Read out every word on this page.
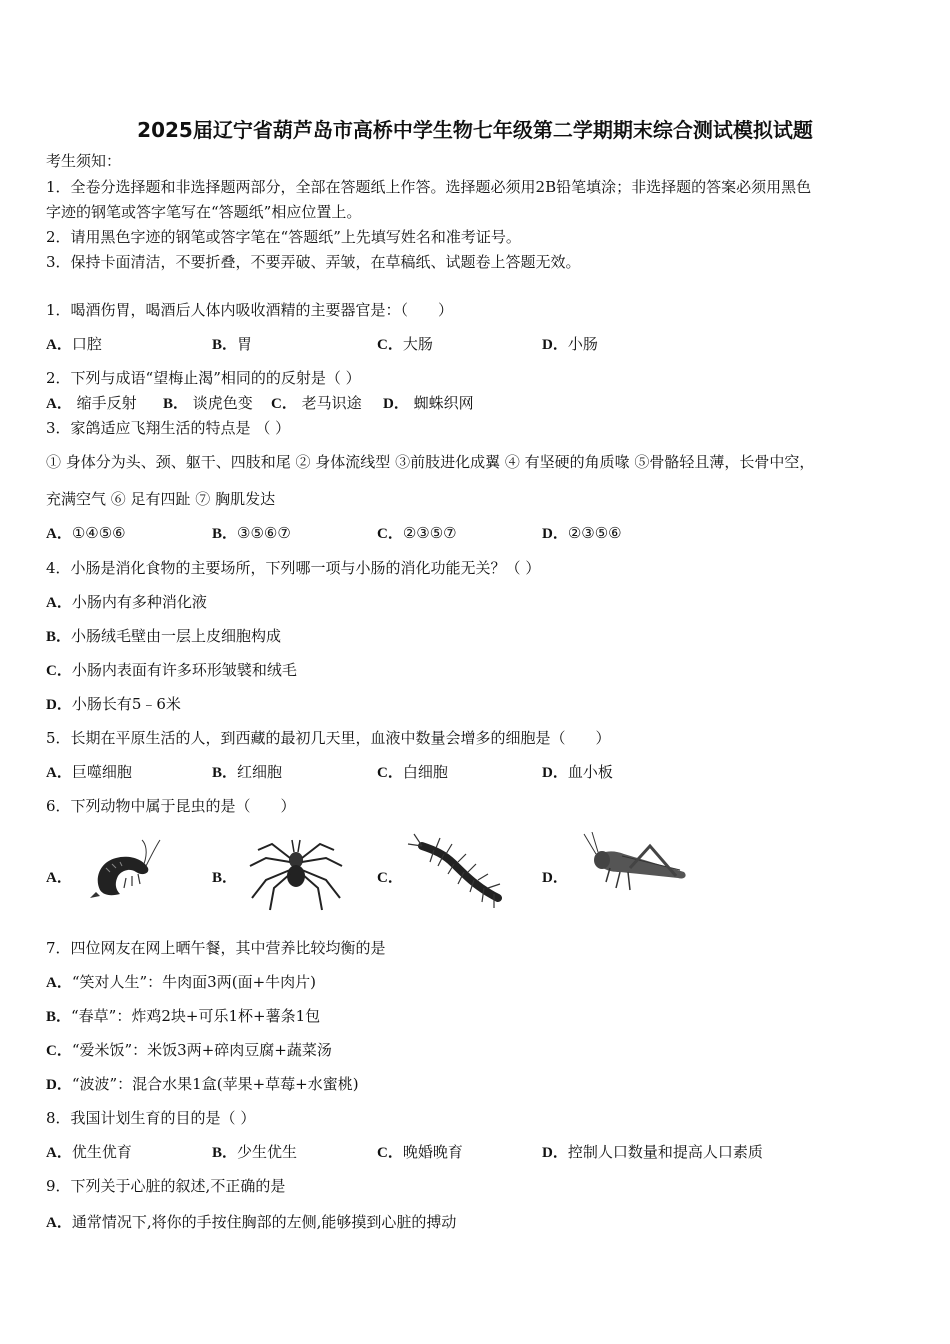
2025届辽宁省葫芦岛市高桥中学生物七年级第二学期期末综合测试模拟试题
考生须知：
1．全卷分选择题和非选择题两部分，全部在答题纸上作答。选择题必须用2B铅笔填涂；非选择题的答案必须用黑色
字迹的钢笔或答字笔写在“答题纸”相应位置上。
2．请用黑色字迹的钢笔或答字笔在“答题纸”上先填写姓名和准考证号。
3．保持卡面清洁，不要折叠，不要弄破、弄皱，在草稿纸、试题卷上答题无效。
1．喝酒伤胃，喝酒后人体内吸收酒精的主要器官是：（　　）
A．口腔	B．胃	C．大肠	D．小肠
2．下列与成语“望梅止渴”相同的的反射是（ ）
A． 缩手反射 B． 谈虎色变 C． 老马识途 D． 蜘蛛织网
3．家鸽适应飞翔生活的特点是 （ ）
① 身体分为头、颈、躯干、四肢和尾 ② 身体流线型 ③前肢进化成翼 ④ 有坚硬的角质喙 ⑤骨骼轻且薄，长骨中空，
充满空气 ⑥ 足有四趾 ⑦ 胸肌发达
A．①④⑤⑥	B．③⑤⑥⑦	C．②③⑤⑦	D．②③⑤⑥
4．小肠是消化食物的主要场所，下列哪一项与小肠的消化功能无关？（ ）
A．小肠内有多种消化液
B．小肠绒毛壁由一层上皮细胞构成
C．小肠内表面有许多环形皱襞和绒毛
D．小肠长有5﹣6米
5．长期在平原生活的人，到西藏的最初几天里，血液中数量会增多的细胞是（　　）
A．巨噬细胞	B．红细胞	C．白细胞	D．血小板
6．下列动物中属于昆虫的是（　　）
A．	B．	C．	D．
7．四位网友在网上晒午餐，其中营养比较均衡的是
A．“笑对人生”：牛肉面3两(面+牛肉片)
B．“春草”：炸鸡2块+可乐1杯+薯条1包
C．“爱米饭”：米饭3两+碎肉豆腐+蔬菜汤
D．“波波”：混合水果1盒(苹果+草莓+水蜜桃)
8．我国计划生育的目的是（ ）
A．优生优育	B．少生优生	C．晚婚晚育	D．控制人口数量和提高人口素质
9．下列关于心脏的叙述,不正确的是
A．通常情况下,将你的手按住胸部的左侧,能够摸到心脏的搏动
